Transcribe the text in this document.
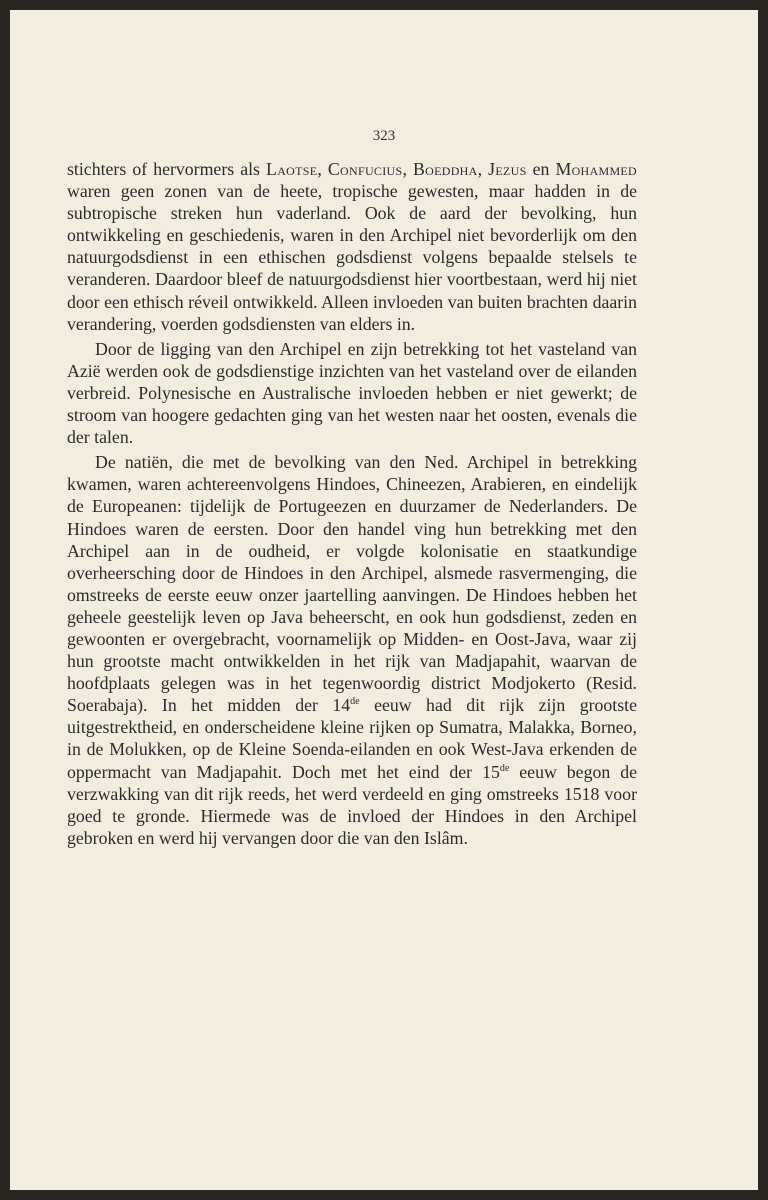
323

stichters of hervormers als Laotse, Confucius, Boeddha, Jezus en Mohammed waren geen zonen van de heete, tropische gewesten, maar hadden in de subtropische streken hun vaderland. Ook de aard der bevolking, hun ontwikkeling en geschiedenis, waren in den Archipel niet bevorderlijk om den natuurgodsdienst in een ethischen godsdienst volgens bepaalde stelsels te veranderen. Daardoor bleef de natuurgodsdienst hier voortbestaan, werd hij niet door een ethisch réveil ontwikkeld. Alleen invloeden van buiten brachten daarin verandering, voerden godsdiensten van elders in.

Door de ligging van den Archipel en zijn betrekking tot het vasteland van Azië werden ook de godsdienstige inzichten van het vasteland over de eilanden verbreid. Polynesische en Australische invloeden hebben er niet gewerkt; de stroom van hoogere gedachten ging van het westen naar het oosten, evenals die der talen.

De natiën, die met de bevolking van den Ned. Archipel in betrekking kwamen, waren achtereenvolgens Hindoes, Chineezen, Arabieren, en eindelijk de Europeanen: tijdelijk de Portugeezen en duurzamer de Nederlanders. De Hindoes waren de eersten. Door den handel ving hun betrekking met den Archipel aan in de oudheid, er volgde kolonisatie en staatkundige overheersching door de Hindoes in den Archipel, alsmede rasvermenging, die omstreeks de eerste eeuw onzer jaartelling aanvingen. De Hindoes hebben het geheele geestelijk leven op Java beheerscht, en ook hun godsdienst, zeden en gewoonten er overgebracht, voornamelijk op Midden- en Oost-Java, waar zij hun grootste macht ontwikkelden in het rijk van Madjapahit, waarvan de hoofdplaats gelegen was in het tegenwoordig district Modjokerto (Resid. Soerabaja). In het midden der 14de eeuw had dit rijk zijn grootste uitgestrektheid, en onderscheidene kleine rijken op Sumatra, Malakka, Borneo, in de Molukken, op de Kleine Soenda-eilanden en ook West-Java erkenden de oppermacht van Madjapahit. Doch met het eind der 15de eeuw begon de verzwakking van dit rijk reeds, het werd verdeeld en ging omstreeks 1518 voor goed te gronde. Hiermede was de invloed der Hindoes in den Archipel gebroken en werd hij vervangen door die van den Islâm.
